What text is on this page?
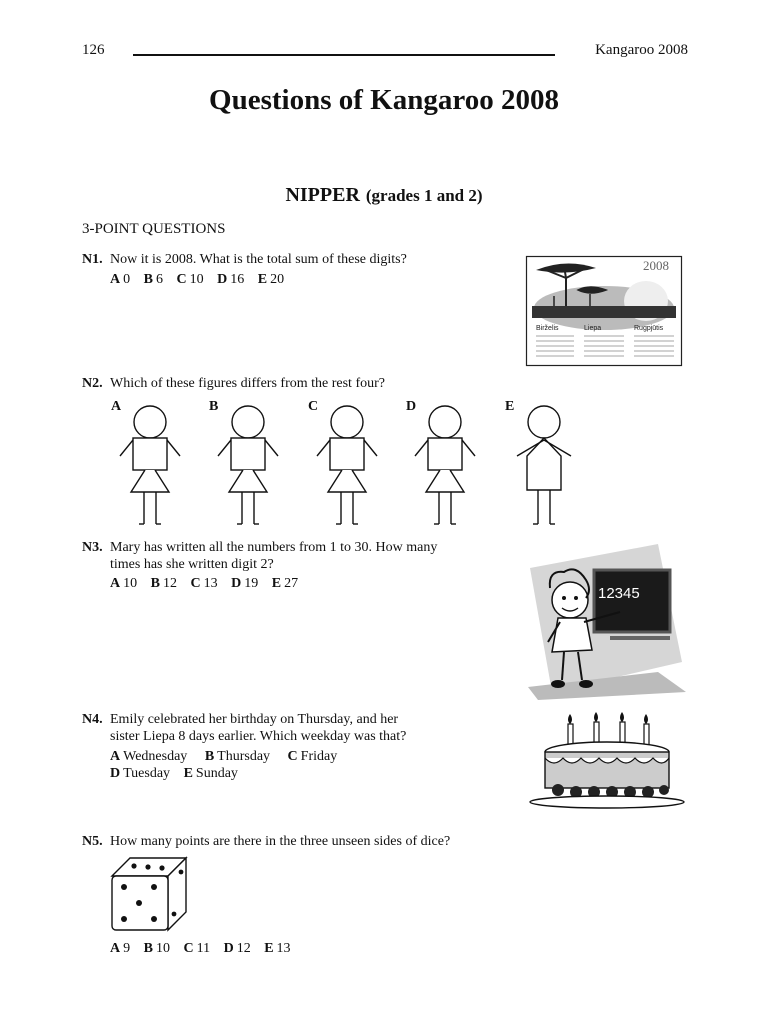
126	Kangaroo 2008
Questions of Kangaroo 2008
NIPPER (grades 1 and 2)
3-POINT QUESTIONS
N1. Now it is 2008. What is the total sum of these digits?
A 0 B 6 C 10 D 16 E 20
2008
Birželis	Liepa	Rugpjūtis
N2. Which of these figures differs from the rest four?
A	B	C	D	E
N3. Mary has written all the numbers from 1 to 30. How many
times has she written digit 2?
A 10 B 12 C 13 D 19 E 27
12345
N4. Emily celebrated her birthday on Thursday, and her
sister Liepa 8 days earlier. Which weekday was that?
A Wednesday B Thursday C Friday
D Tuesday E Sunday
N5. How many points are there in the three unseen sides of dice?
A 9 B 10 C 11 D 12 E 13
